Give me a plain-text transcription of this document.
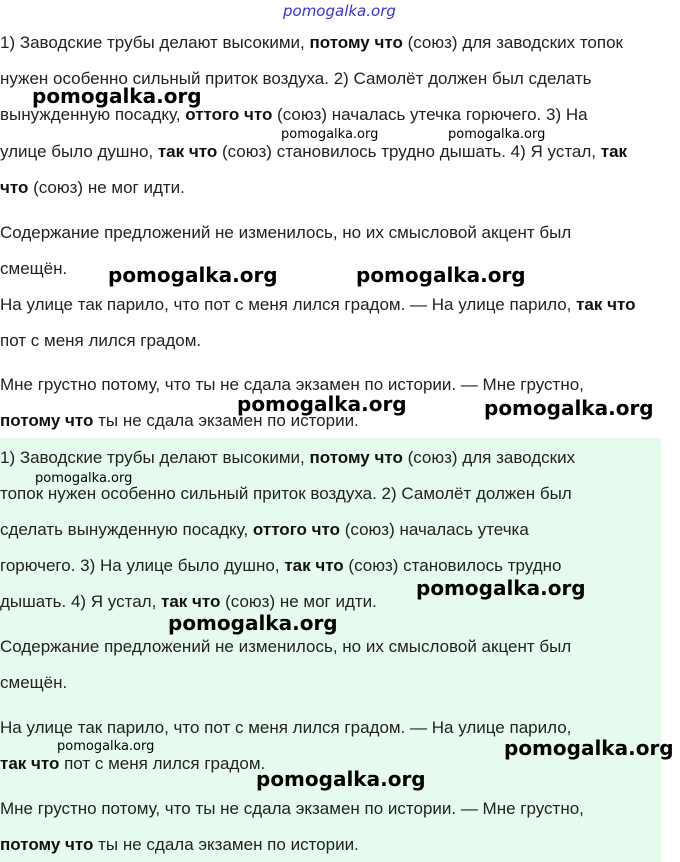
pomogalka.org
1) Заводские трубы делают высокими, потому что (союз) для заводских топок
нужен особенно сильный приток воздуха. 2) Самолёт должен был сделать
вынужденную посадку, оттого что (союз) началась утечка горючего. 3) На
улице было душно, так что (союз) становилось трудно дышать. 4) Я устал, так
что (союз) не мог идти.
Содержание предложений не изменилось, но их смысловой акцент был
смещён.
На улице так парило, что пот с меня лился градом. — На улице парило, так что
пот с меня лился градом.
Мне грустно потому, что ты не сдала экзамен по истории. — Мне грустно,
потому что ты не сдала экзамен по истории.
1) Заводские трубы делают высокими, потому что (союз) для заводских
топок нужен особенно сильный приток воздуха. 2) Самолёт должен был
сделать вынужденную посадку, оттого что (союз) началась утечка
горючего. 3) На улице было душно, так что (союз) становилось трудно
дышать. 4) Я устал, так что (союз) не мог идти.
Содержание предложений не изменилось, но их смысловой акцент был
смещён.
На улице так парило, что пот с меня лился градом. — На улице парило,
так что пот с меня лился градом.
Мне грустно потому, что ты не сдала экзамен по истории. — Мне грустно,
потому что ты не сдала экзамен по истории.
pomogalka.org
pomogalka.org	pomogalka.org
pomogalka.org	pomogalka.org
pomogalka.org	pomogalka.org
pomogalka.org
pomogalka.org
pomogalka.org
pomogalka.org	pomogalka.org
pomogalka.org
